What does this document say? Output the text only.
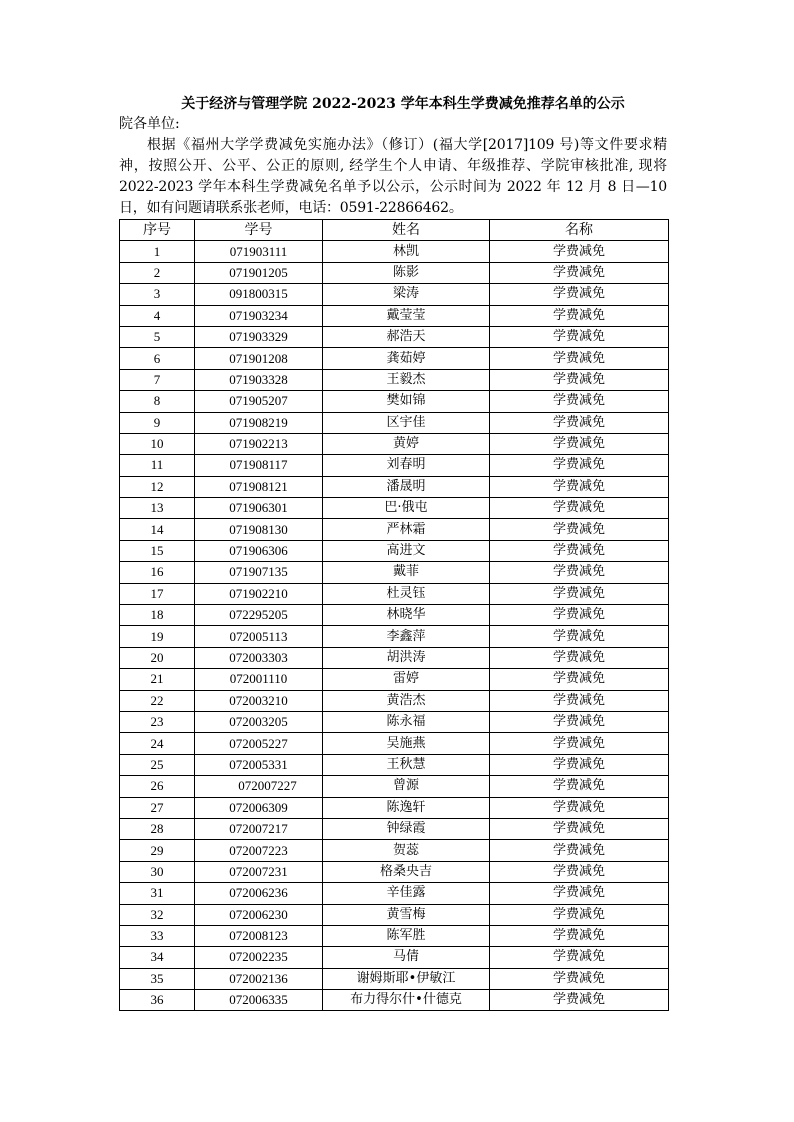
关于经济与管理学院 2022-2023 学年本科生学费减免推荐名单的公示

院各单位:

根据《福州大学学费减免实施办法》（修订）(福大学[2017]109 号)等文件要求精神，按照公开、公平、公正的原则, 经学生个人申请、年级推荐、学院审核批准, 现将 2022-2023 学年本科生学费减免名单予以公示，公示时间为 2022 年 12 月 8 日—10 日，如有问题请联系张老师，电话：0591-22866462。

序号	学号	姓名	名称
1	071903111	林凯	学费减免
2	071901205	陈影	学费减免
3	091800315	梁涛	学费减免
4	071903234	戴莹莹	学费减免
5	071903329	郝浩天	学费减免
6	071901208	龚茹婷	学费减免
7	071903328	王毅杰	学费减免
8	071905207	樊如锦	学费减免
9	071908219	区宇佳	学费减免
10	071902213	黄婷	学费减免
11	071908117	刘春明	学费减免
12	071908121	潘晟明	学费减免
13	071906301	巴·俄屯	学费减免
14	071908130	严林霜	学费减免
15	071906306	高进文	学费减免
16	071907135	戴菲	学费减免
17	071902210	杜灵钰	学费减免
18	072295205	林晓华	学费减免
19	072005113	李鑫萍	学费减免
20	072003303	胡洪涛	学费减免
21	072001110	雷婷	学费减免
22	072003210	黄浩杰	学费减免
23	072003205	陈永福	学费减免
24	072005227	吴施燕	学费减免
25	072005331	王秋慧	学费减免
26	072007227	曾源	学费减免
27	072006309	陈逸轩	学费减免
28	072007217	钟绿霞	学费减免
29	072007223	贺蕊	学费减免
30	072007231	格桑央吉	学费减免
31	072006236	辛佳露	学费减免
32	072006230	黄雪梅	学费减免
33	072008123	陈军胜	学费减免
34	072002235	马倩	学费减免
35	072002136	谢姆斯耶•伊敏江	学费减免
36	072006335	布力得尔什•什德克	学费减免
